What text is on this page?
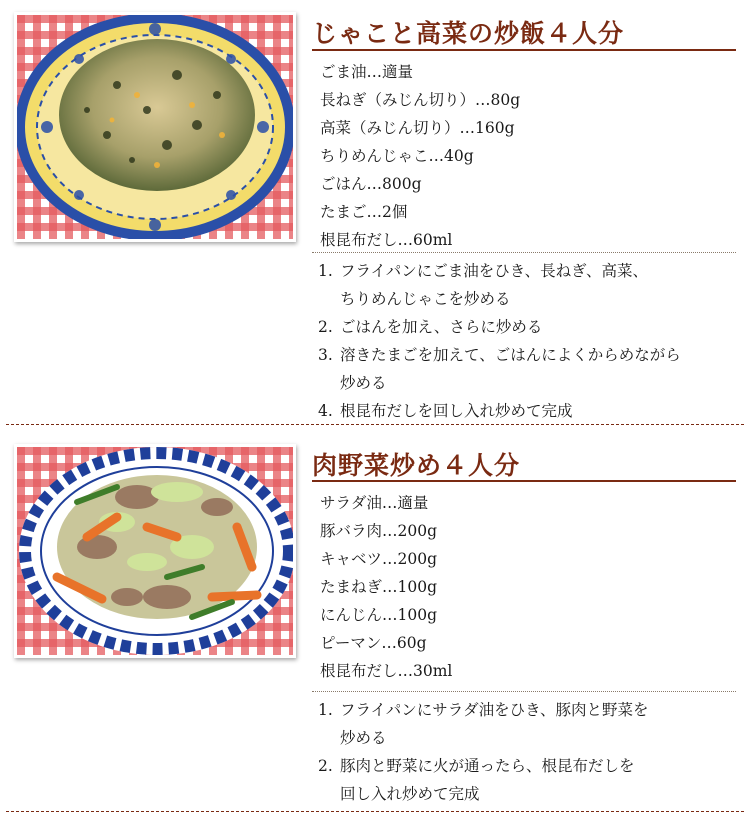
じゃこと高菜の炒飯４人分
ごま油…適量
長ねぎ（みじん切り）…80g
高菜（みじん切り）…160g
ちりめんじゃこ…40g
ごはん…800g
たまご…2個
根昆布だし…60ml
1. フライパンにごま油をひき、長ねぎ、高菜、
ちりめんじゃこを炒める
2. ごはんを加え、さらに炒める
3. 溶きたまごを加えて、ごはんによくからめながら
炒める
4. 根昆布だしを回し入れ炒めて完成
肉野菜炒め４人分
サラダ油…適量
豚バラ肉…200g
キャベツ…200g
たまねぎ…100g
にんじん…100g
ピーマン…60g
根昆布だし…30ml
1. フライパンにサラダ油をひき、豚肉と野菜を
炒める
2. 豚肉と野菜に火が通ったら、根昆布だしを
回し入れ炒めて完成
